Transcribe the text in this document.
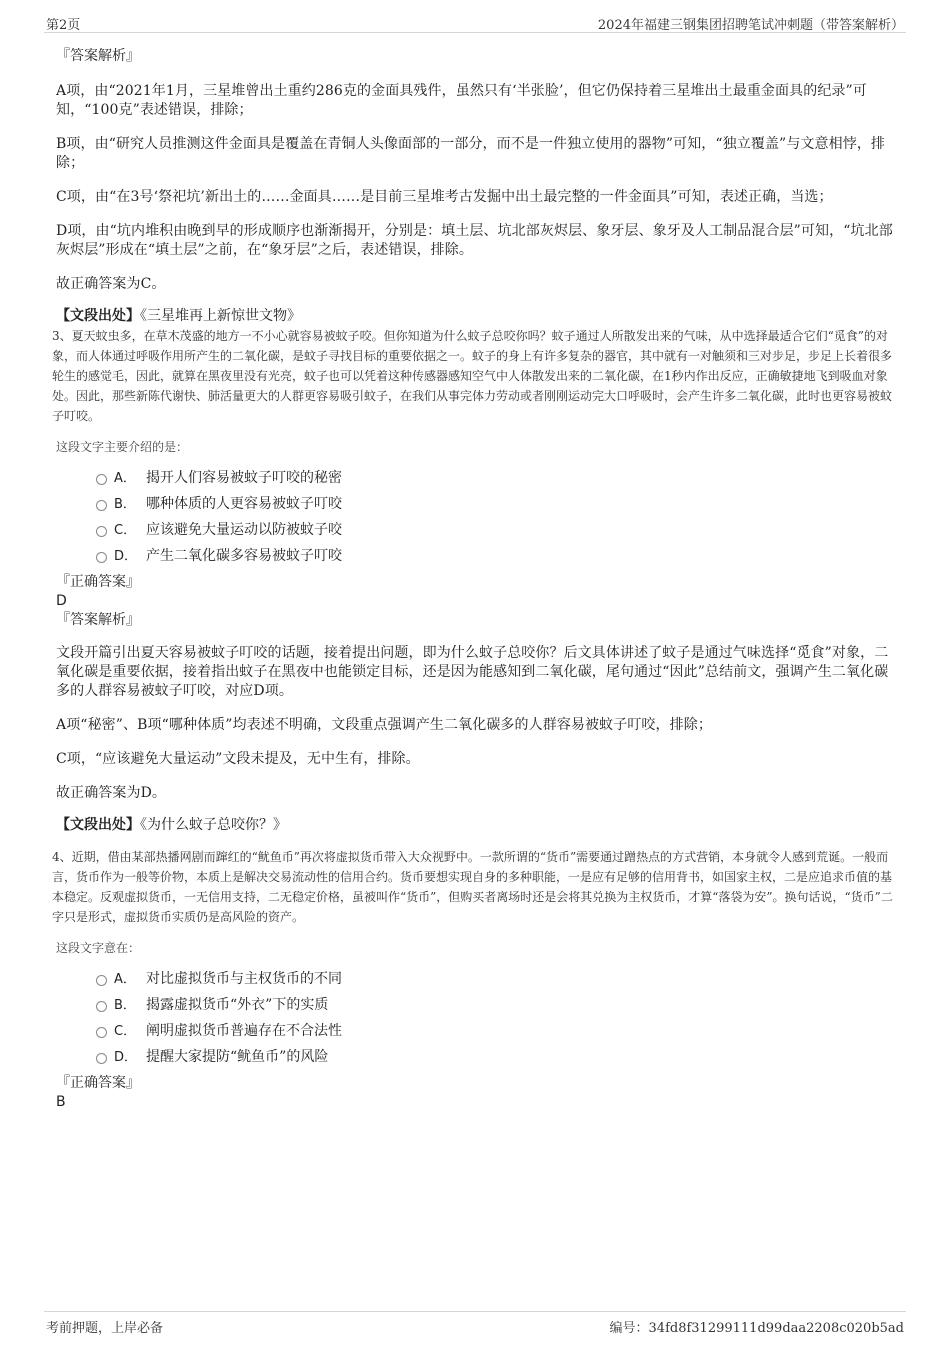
第2页	2024年福建三钢集团招聘笔试冲刺题（带答案解析）

『答案解析』

A项，由“2021年1月，三星堆曾出土重约286克的金面具残件，虽然只有‘半张脸’，但它仍保持着三星堆出土最重金面具的纪录”可知，“100克”表述错误，排除；

B项，由“研究人员推测这件金面具是覆盖在青铜人头像面部的一部分，而不是一件独立使用的器物”可知，“独立覆盖”与文意相悖，排除；

C项，由“在3号‘祭祀坑’新出土的……金面具……是目前三星堆考古发掘中出土最完整的一件金面具”可知，表述正确，当选；

D项，由“坑内堆积由晚到早的形成顺序也渐渐揭开，分别是：填土层、坑北部灰烬层、象牙层、象牙及人工制品混合层”可知，“坑北部灰烬层”形成在“填土层”之前，在“象牙层”之后，表述错误，排除。

故正确答案为C。

【文段出处】《三星堆再上新惊世文物》

3、夏天蚊虫多，在草木茂盛的地方一不小心就容易被蚊子咬。但你知道为什么蚊子总咬你吗？蚊子通过人所散发出来的气味，从中选择最适合它们“觅食”的对象，而人体通过呼吸作用所产生的二氧化碳，是蚊子寻找目标的重要依据之一。蚊子的身上有许多复杂的器官，其中就有一对触须和三对步足，步足上长着很多轮生的感觉毛，因此，就算在黑夜里没有光亮，蚊子也可以凭着这种传感器感知空气中人体散发出来的二氧化碳，在1秒内作出反应，正确敏捷地飞到吸血对象处。因此，那些新陈代谢快、肺活量更大的人群更容易吸引蚊子，在我们从事完体力劳动或者刚刚运动完大口呼吸时，会产生许多二氧化碳，此时也更容易被蚊子叮咬。

这段文字主要介绍的是：

A． 揭开人们容易被蚊子叮咬的秘密
B． 哪种体质的人更容易被蚊子叮咬
C． 应该避免大量运动以防被蚊子咬
D． 产生二氧化碳多容易被蚊子叮咬

『正确答案』

D

『答案解析』

文段开篇引出夏天容易被蚊子叮咬的话题，接着提出问题，即为什么蚊子总咬你？后文具体讲述了蚊子是通过气味选择“觅食”对象，二氧化碳是重要依据，接着指出蚊子在黑夜中也能锁定目标，还是因为能感知到二氧化碳，尾句通过“因此”总结前文，强调产生二氧化碳多的人群容易被蚊子叮咬，对应D项。

A项“秘密”、B项“哪种体质”均表述不明确，文段重点强调产生二氧化碳多的人群容易被蚊子叮咬，排除；

C项，“应该避免大量运动”文段未提及，无中生有，排除。

故正确答案为D。

【文段出处】《为什么蚊子总咬你？》

4、近期，借由某部热播网剧而蹿红的“鱿鱼币”再次将虚拟货币带入大众视野中。一款所谓的“货币”需要通过蹭热点的方式营销，本身就令人感到荒诞。一般而言，货币作为一般等价物，本质上是解决交易流动性的信用合约。货币要想实现自身的多种职能，一是应有足够的信用背书，如国家主权，二是应追求币值的基本稳定。反观虚拟货币，一无信用支持，二无稳定价格，虽被叫作“货币”，但购买者离场时还是会将其兑换为主权货币，才算“落袋为安”。换句话说，“货币”二字只是形式，虚拟货币实质仍是高风险的资产。

这段文字意在：

A． 对比虚拟货币与主权货币的不同
B． 揭露虚拟货币“外衣”下的实质
C． 阐明虚拟货币普遍存在不合法性
D． 提醒大家提防“鱿鱼币”的风险

『正确答案』

B

考前押题，上岸必备	编号：34fd8f31299111d99daa2208c020b5ad
